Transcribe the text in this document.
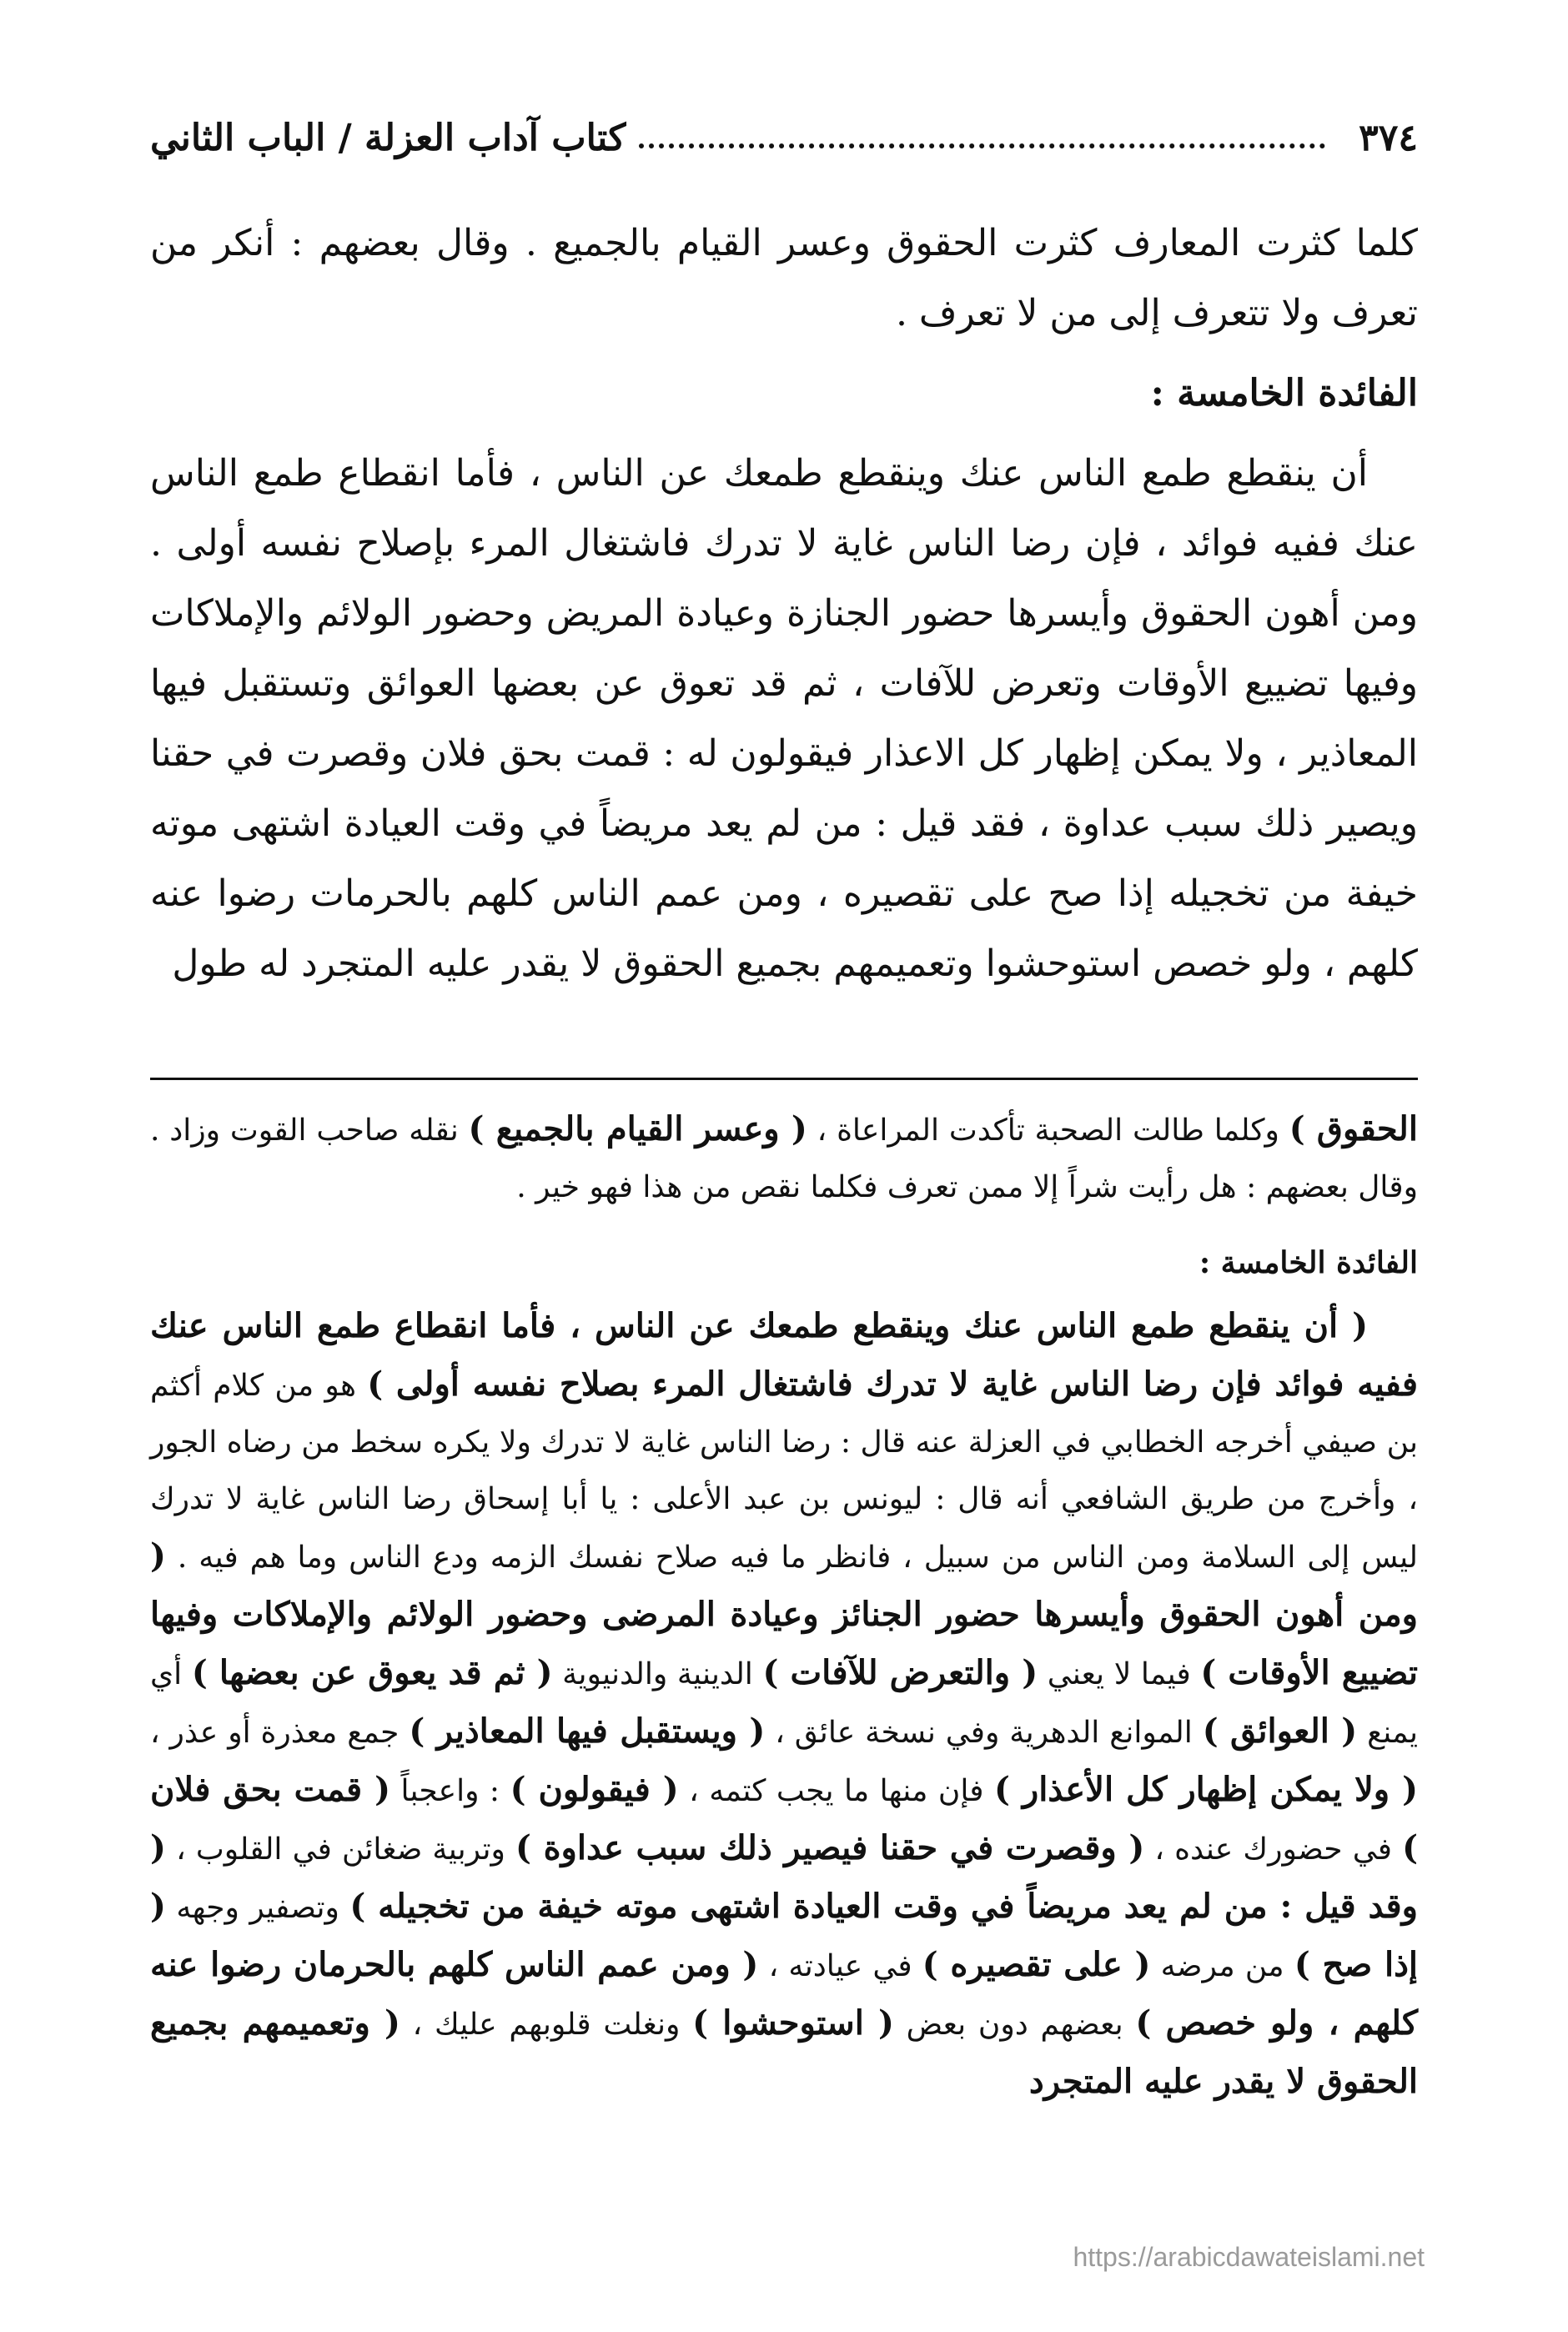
٣٧٤
كتاب آداب العزلة / الباب الثاني

كلما كثرت المعارف كثرت الحقوق وعسر القيام بالجميع . وقال بعضهم : أنكر من تعرف ولا تتعرف إلى من لا تعرف .

الفائدة الخامسة :

أن ينقطع طمع الناس عنك وينقطع طمعك عن الناس ، فأما انقطاع طمع الناس عنك ففيه فوائد ، فإن رضا الناس غاية لا تدرك فاشتغال المرء بإصلاح نفسه أولى . ومن أهون الحقوق وأيسرها حضور الجنازة وعيادة المريض وحضور الولائم والإملاكات وفيها تضييع الأوقات وتعرض للآفات ، ثم قد تعوق عن بعضها العوائق وتستقبل فيها المعاذير ، ولا يمكن إظهار كل الاعذار فيقولون له : قمت بحق فلان وقصرت في حقنا ويصير ذلك سبب عداوة ، فقد قيل : من لم يعد مريضاً في وقت العيادة اشتهى موته خيفة من تخجيله إذا صح على تقصيره ، ومن عمم الناس كلهم بالحرمات رضوا عنه كلهم ، ولو خصص استوحشوا وتعميمهم بجميع الحقوق لا يقدر عليه المتجرد له طول

الحقوق ) وكلما طالت الصحبة تأكدت المراعاة ، ( وعسر القيام بالجميع ) نقله صاحب القوت وزاد . وقال بعضهم : هل رأيت شراً إلا ممن تعرف فكلما نقص من هذا فهو خير .

الفائدة الخامسة :

( أن ينقطع طمع الناس عنك وينقطع طمعك عن الناس ، فأما انقطاع طمع الناس عنك ففيه فوائد فإن رضا الناس غاية لا تدرك فاشتغال المرء بصلاح نفسه أولى ) هو من كلام أكثم بن صيفي أخرجه الخطابي في العزلة عنه قال : رضا الناس غاية لا تدرك ولا يكره سخط من رضاه الجور ، وأخرج من طريق الشافعي أنه قال : ليونس بن عبد الأعلى : يا أبا إسحاق رضا الناس غاية لا تدرك ليس إلى السلامة ومن الناس من سبيل ، فانظر ما فيه صلاح نفسك الزمه ودع الناس وما هم فيه . ( ومن أهون الحقوق وأيسرها حضور الجنائز وعيادة المرضى وحضور الولائم والإملاكات وفيها تضييع الأوقات ) فيما لا يعني ( والتعرض للآفات ) الدينية والدنيوية ( ثم قد يعوق عن بعضها ) أي يمنع ( العوائق ) الموانع الدهرية وفي نسخة عائق ، ( ويستقبل فيها المعاذير ) جمع معذرة أو عذر ، ( ولا يمكن إظهار كل الأعذار ) فإن منها ما يجب كتمه ، ( فيقولون ) : واعجباً ( قمت بحق فلان ) في حضورك عنده ، ( وقصرت في حقنا فيصير ذلك سبب عداوة ) وتربية ضغائن في القلوب ، ( وقد قيل : من لم يعد مريضاً في وقت العيادة اشتهى موته خيفة من تخجيله ) وتصفير وجهه ( إذا صح ) من مرضه ( على تقصيره ) في عيادته ، ( ومن عمم الناس كلهم بالحرمان رضوا عنه كلهم ، ولو خصص ) بعضهم دون بعض ( استوحشوا ) ونغلت قلوبهم عليك ، ( وتعميمهم بجميع الحقوق لا يقدر عليه المتجرد

https://arabicdawateislami.net
